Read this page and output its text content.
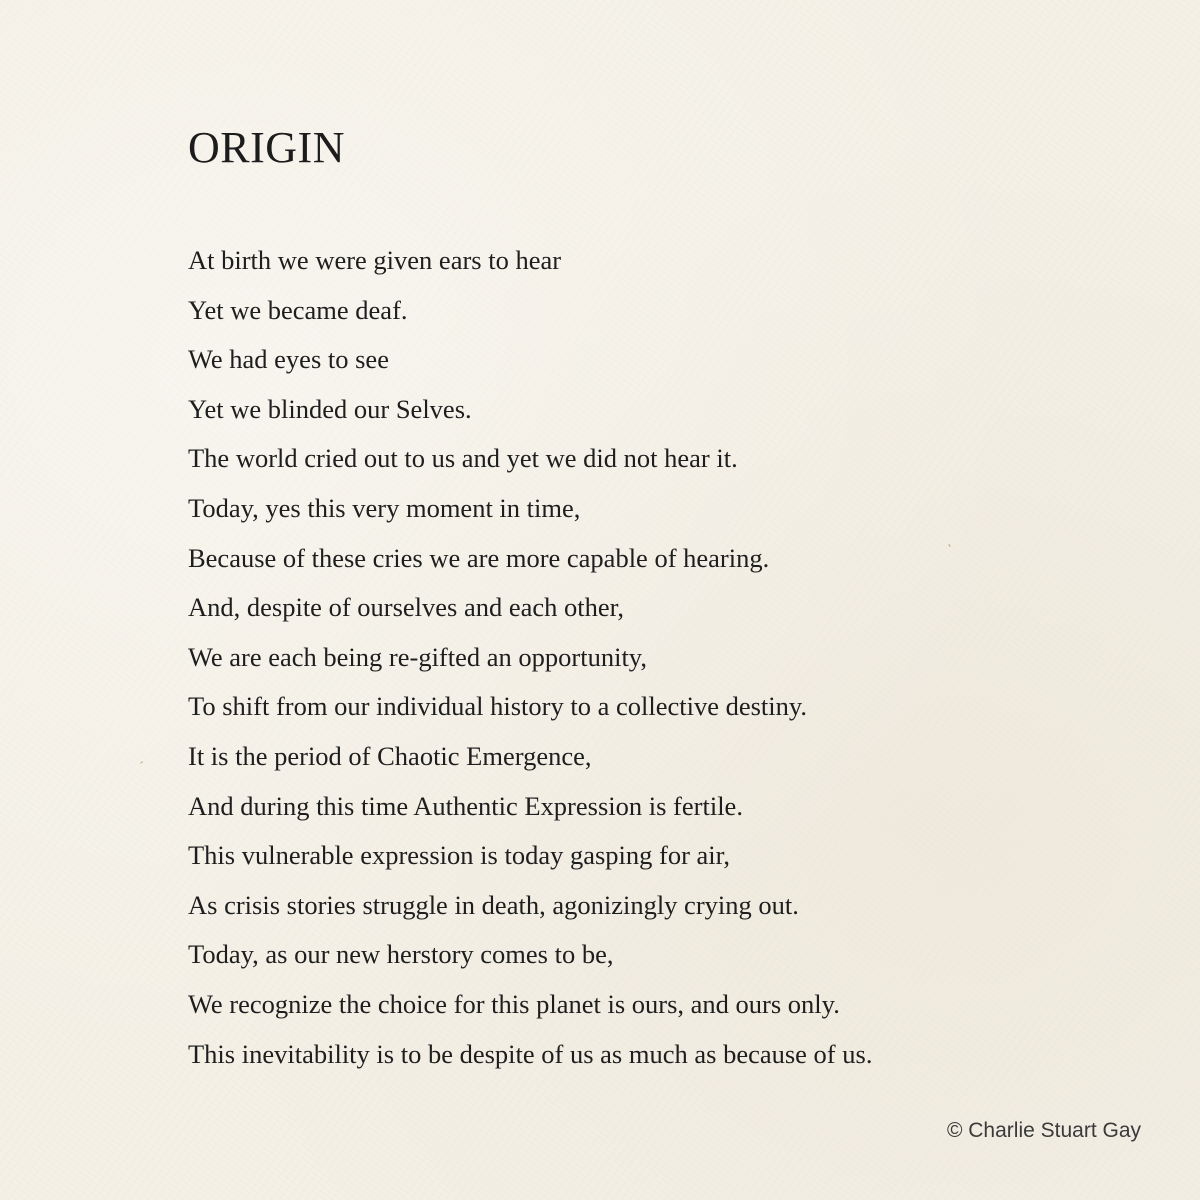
ORIGIN
At birth we were given ears to hear
Yet we became deaf.
We had eyes to see
Yet we blinded our Selves.
The world cried out to us and yet we did not hear it.
Today, yes this very moment in time,
Because of these cries we are more capable of hearing.
And, despite of ourselves and each other,
We are each being re-gifted an opportunity,
To shift from our individual history to a collective destiny.
It is the period of Chaotic Emergence,
And during this time Authentic Expression is fertile.
This vulnerable expression is today gasping for air,
As crisis stories struggle in death, agonizingly crying out.
Today, as our new herstory comes to be,
We recognize the choice for this planet is ours, and ours only.
This inevitability is to be despite of us as much as because of us.
© Charlie Stuart Gay
